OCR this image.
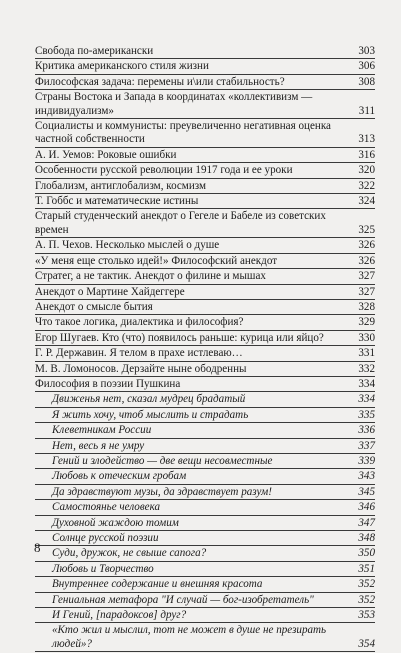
Свобода по-американски	303
Критика американского стиля жизни	306
Философская задача: перемены и\или стабильность?	308
Страны Востока и Запада в координатах «коллективизм — индивидуализм»	311
Социалисты и коммунисты: преувеличенно негативная оценка частной собственности	313
А. И. Уемов: Роковые ошибки	316
Особенности русской революции 1917 года и ее уроки	320
Глобализм, антиглобализм, космизм	322
Т. Гоббс и математические истины	324
Старый студенческий анекдот о Гегеле и Бабеле из советских времен	325
А. П. Чехов. Несколько мыслей о душе	326
«У меня еще столько идей!» Философский анекдот	326
Стратег, а не тактик. Анекдот о филине и мышах	327
Анекдот о Мартине Хайдеггере	327
Анекдот о смысле бытия	328
Что такое логика, диалектика и философия?	329
Егор Шугаев. Кто (что) появилось раньше: курица или яйцо?	330
Г. Р. Державин. Я телом в прахе истлеваю…	331
М. В. Ломоносов. Дерзайте ныне ободренны	332
Философия в поэзии Пушкина	334
Движенья нет, сказал мудрец брадатый	334
Я жить хочу, чтоб мыслить и страдать	335
Клеветникам России	336
Нет, весь я не умру	337
Гений и злодейство — две вещи несовместные	339
Любовь к отеческим гробам	343
Да здравствуют музы, да здравствует разум!	345
Самостоянье человека	346
Духовной жаждою томим	347
Солнце русской поэзии	348
Суди, дружок, не свыше сапога?	350
Любовь и Творчество	351
Внутреннее содержание и внешняя красота	352
Гениальная метафора "И случай — бог-изобретатель"	352
И Гений, [парадоксов] друг?	353
«Кто жил и мыслил, тот не может в душе не презирать людей»?	354
8
